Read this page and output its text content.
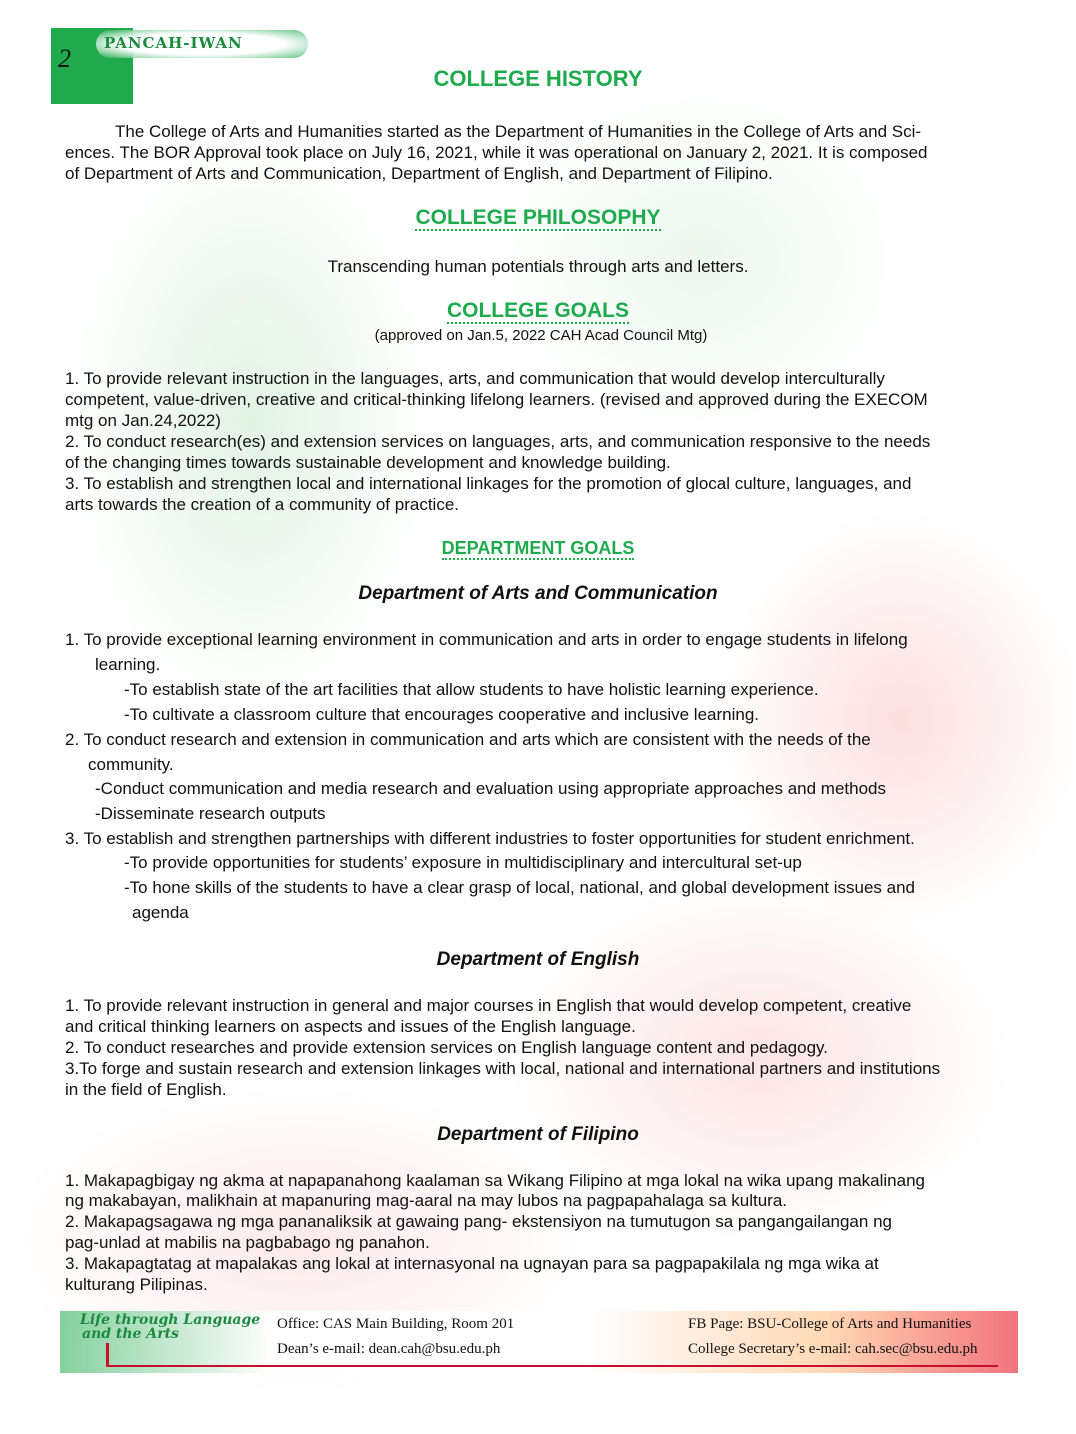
2
PANCAH-IWAN
COLLEGE HISTORY
The College of Arts and Humanities started as the Department of Humanities in the College of Arts and Sci-
ences. The BOR Approval took place on July 16, 2021, while it was operational on January 2, 2021. It is composed
of Department of Arts and Communication, Department of English, and Department of Filipino.
COLLEGE PHILOSOPHY
Transcending human potentials through arts and letters.
COLLEGE GOALS
(approved on Jan.5, 2022 CAH Acad Council Mtg)
1. To provide relevant instruction in the languages, arts, and communication that would develop interculturally
competent, value-driven, creative and critical-thinking lifelong learners. (revised and approved during the EXECOM
mtg on Jan.24,2022)
2. To conduct research(es) and extension services on languages, arts, and communication responsive to the needs
of the changing times towards sustainable development and knowledge building.
3. To establish and strengthen local and international linkages for the promotion of glocal culture, languages, and
arts towards the creation of a community of practice.
DEPARTMENT GOALS
Department of Arts and Communication
1. To provide exceptional learning environment in communication and arts in order to engage students in lifelong
learning.
-To establish state of the art facilities that allow students to have holistic learning experience.
-To cultivate a classroom culture that encourages cooperative and inclusive learning.
2. To conduct research and extension in communication and arts which are consistent with the needs of the
community.
-Conduct communication and media research and evaluation using appropriate approaches and methods
-Disseminate research outputs
3. To establish and strengthen partnerships with different industries to foster opportunities for student enrichment.
-To provide opportunities for students’ exposure in multidisciplinary and intercultural set-up
-To hone skills of the students to have a clear grasp of local, national, and global development issues and
agenda
Department of English
1. To provide relevant instruction in general and major courses in English that would develop competent, creative
and critical thinking learners on aspects and issues of the English language.
2. To conduct researches and provide extension services on English language content and pedagogy.
3.To forge and sustain research and extension linkages with local, national and international partners and institutions
in the field of English.
Department of Filipino
1. Makapagbigay ng akma at napapanahong kaalaman sa Wikang Filipino at mga lokal na wika upang makalinang
ng makabayan, malikhain at mapanuring mag-aaral na may lubos na pagpapahalaga sa kultura.
2. Makapagsagawa ng mga pananaliksik at gawaing pang- ekstensiyon na tumutugon sa pangangailangan ng
pag-unlad at mabilis na pagbabago ng panahon.
3. Makapagtatag at mapalakas ang lokal at internasyonal na ugnayan para sa pagpapakilala ng mga wika at
kulturang Pilipinas.
Life through Language
and the Arts
Office: CAS Main Building, Room 201
Dean’s e-mail: dean.cah@bsu.edu.ph
FB Page: BSU-College of Arts and Humanities
College Secretary’s e-mail: cah.sec@bsu.edu.ph
